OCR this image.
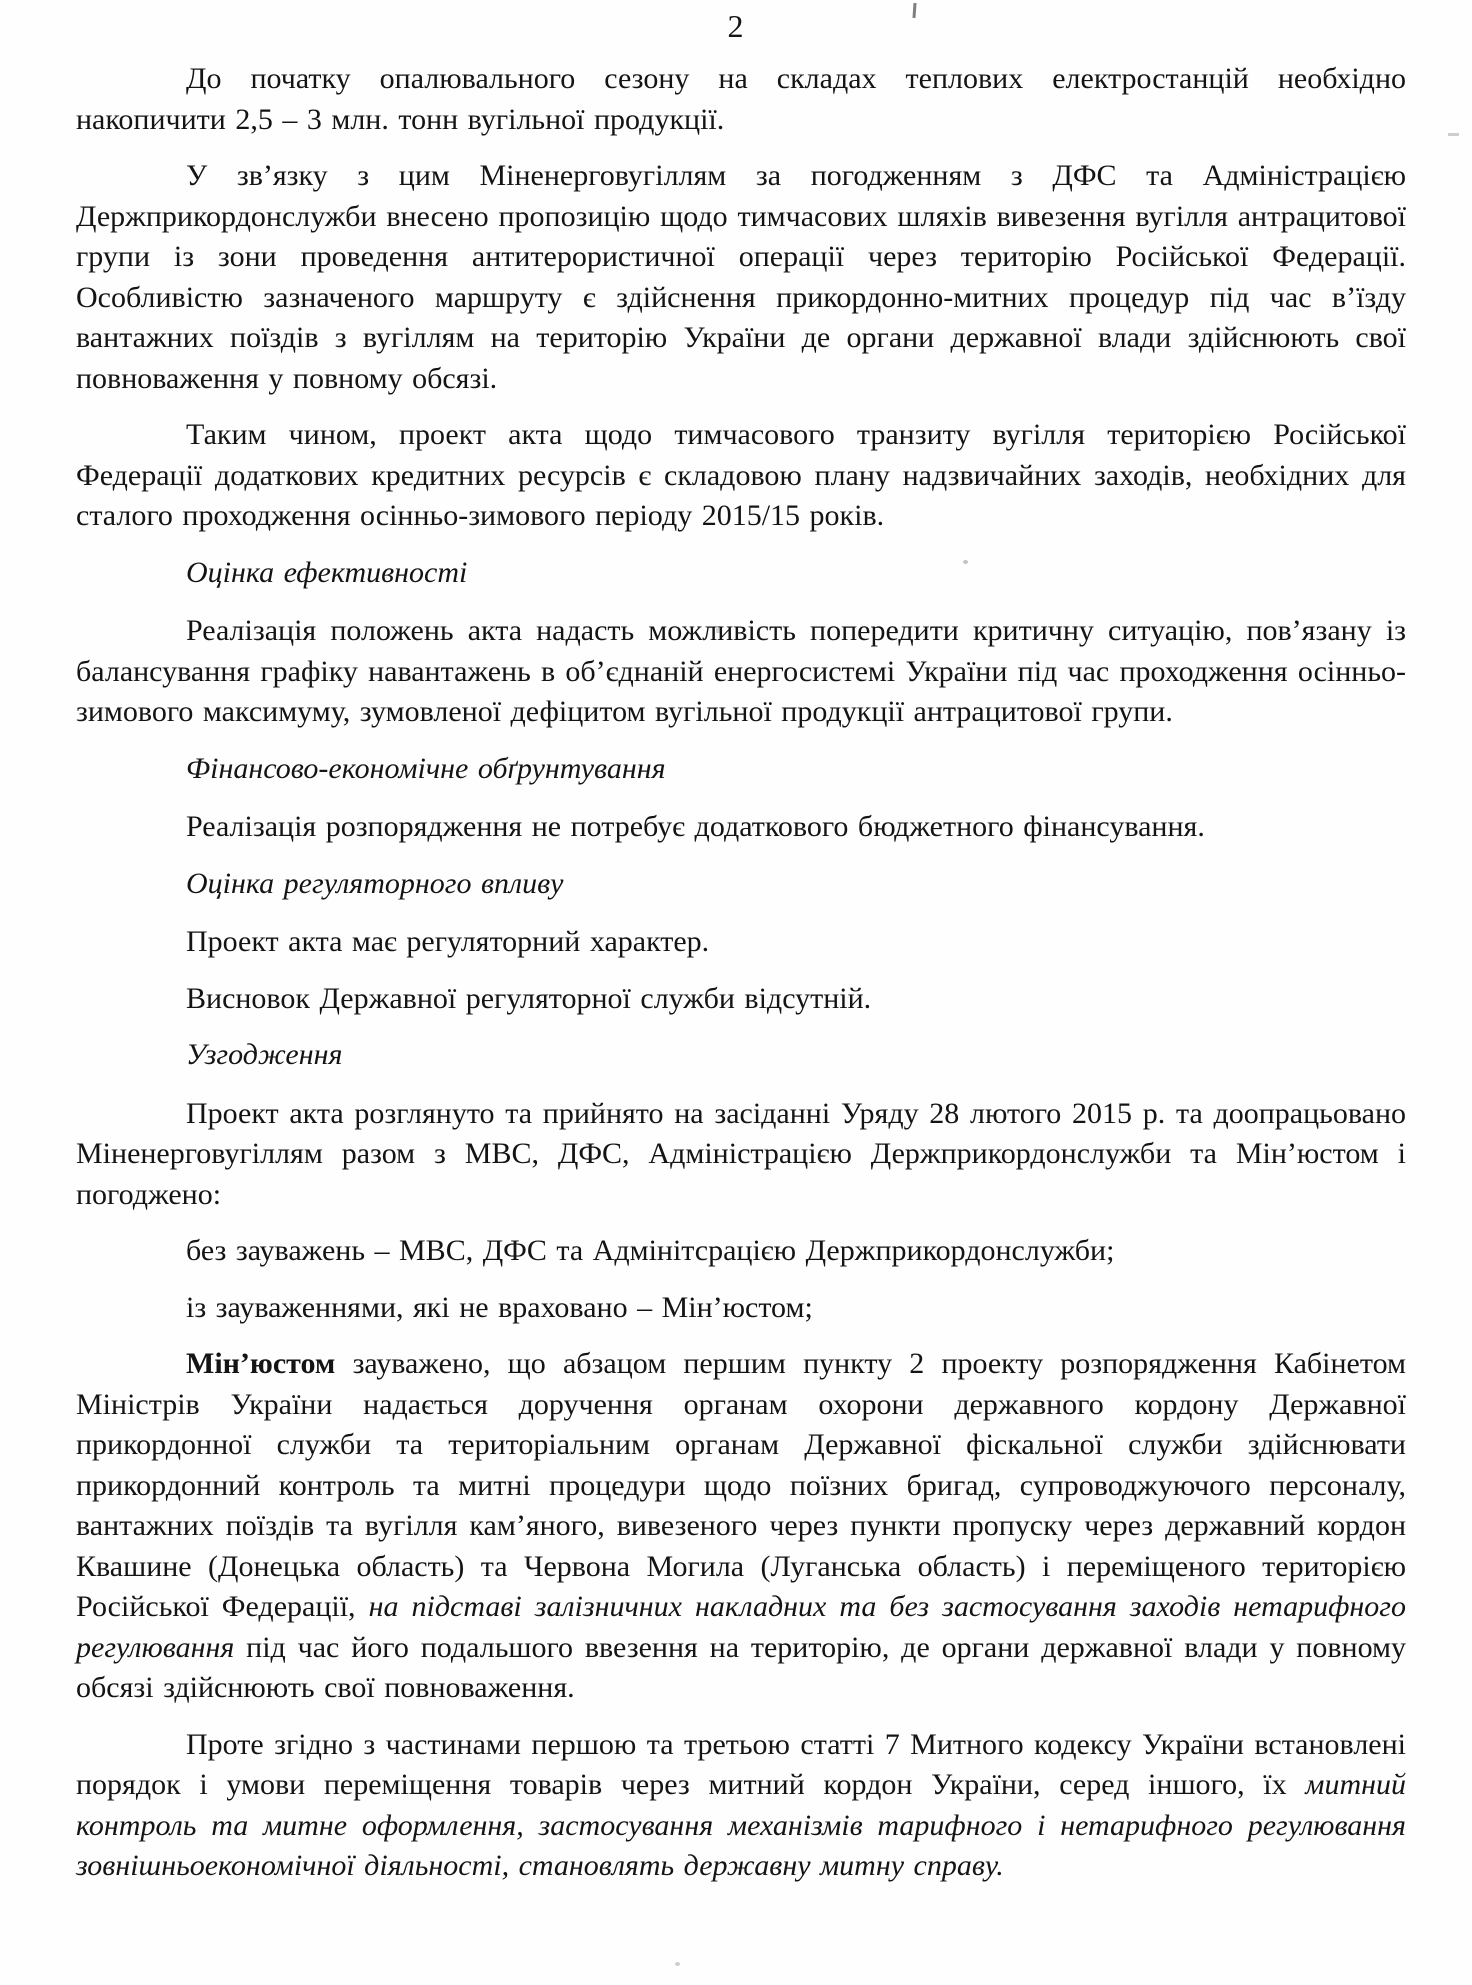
2

До початку опалювального сезону на складах теплових електростанцій необхідно накопичити 2,5 – 3 млн. тонн вугільної продукції.

У зв’язку з цим Міненерговугіллям за погодженням з ДФС та Адміністрацією Держприкордонслужби внесено пропозицію щодо тимчасових шляхів вивезення вугілля антрацитової групи із зони проведення антитерористичної операції через територію Російської Федерації. Особливістю зазначеного маршруту є здійснення прикордонно-митних процедур під час в’їзду вантажних поїздів з вугіллям на територію України де органи державної влади здійснюють свої повноваження у повному обсязі.

Таким чином, проект акта щодо тимчасового транзиту вугілля територією Російської Федерації додаткових кредитних ресурсів є складовою плану надзвичайних заходів, необхідних для сталого проходження осінньо-зимового періоду 2015/15 років.

Оцінка ефективності

Реалізація положень акта надасть можливість попередити критичну ситуацію, пов’язану із балансування графіку навантажень в об’єднаній енергосистемі України під час проходження осінньо-зимового максимуму, зумовленої дефіцитом вугільної продукції антрацитової групи.

Фінансово-економічне обґрунтування

Реалізація розпорядження не потребує додаткового бюджетного фінансування.

Оцінка регуляторного впливу

Проект акта має регуляторний характер.

Висновок Державної регуляторної служби відсутній.

Узгодження

Проект акта розглянуто та прийнято на засіданні Уряду 28 лютого 2015 р. та доопрацьовано Міненерговугіллям разом з МВС, ДФС, Адміністрацією Держприкордонслужби та Мін’юстом і погоджено:

без зауважень – МВС, ДФС та Адмінітсрацією Держприкордонслужби;

із зауваженнями, які не враховано – Мін’юстом;

Мін’юстом зауважено, що абзацом першим пункту 2 проекту розпорядження Кабінетом Міністрів України надається доручення органам охорони державного кордону Державної прикордонної служби та територіальним органам Державної фіскальної служби здійснювати прикордонний контроль та митні процедури щодо поїзних бригад, супроводжуючого персоналу, вантажних поїздів та вугілля кам’яного, вивезеного через пункти пропуску через державний кордон Квашине (Донецька область) та Червона Могила (Луганська область) і переміщеного територією Російської Федерації, на підставі залізничних накладних та без застосування заходів нетарифного регулювання під час його подальшого ввезення на територію, де органи державної влади у повному обсязі здійснюють свої повноваження.

Проте згідно з частинами першою та третьою статті 7 Митного кодексу України встановлені порядок і умови переміщення товарів через митний кордон України, серед іншого, їх митний контроль та митне оформлення, застосування механізмів тарифного і нетарифного регулювання зовнішньоекономічної діяльності, становлять державну митну справу.
